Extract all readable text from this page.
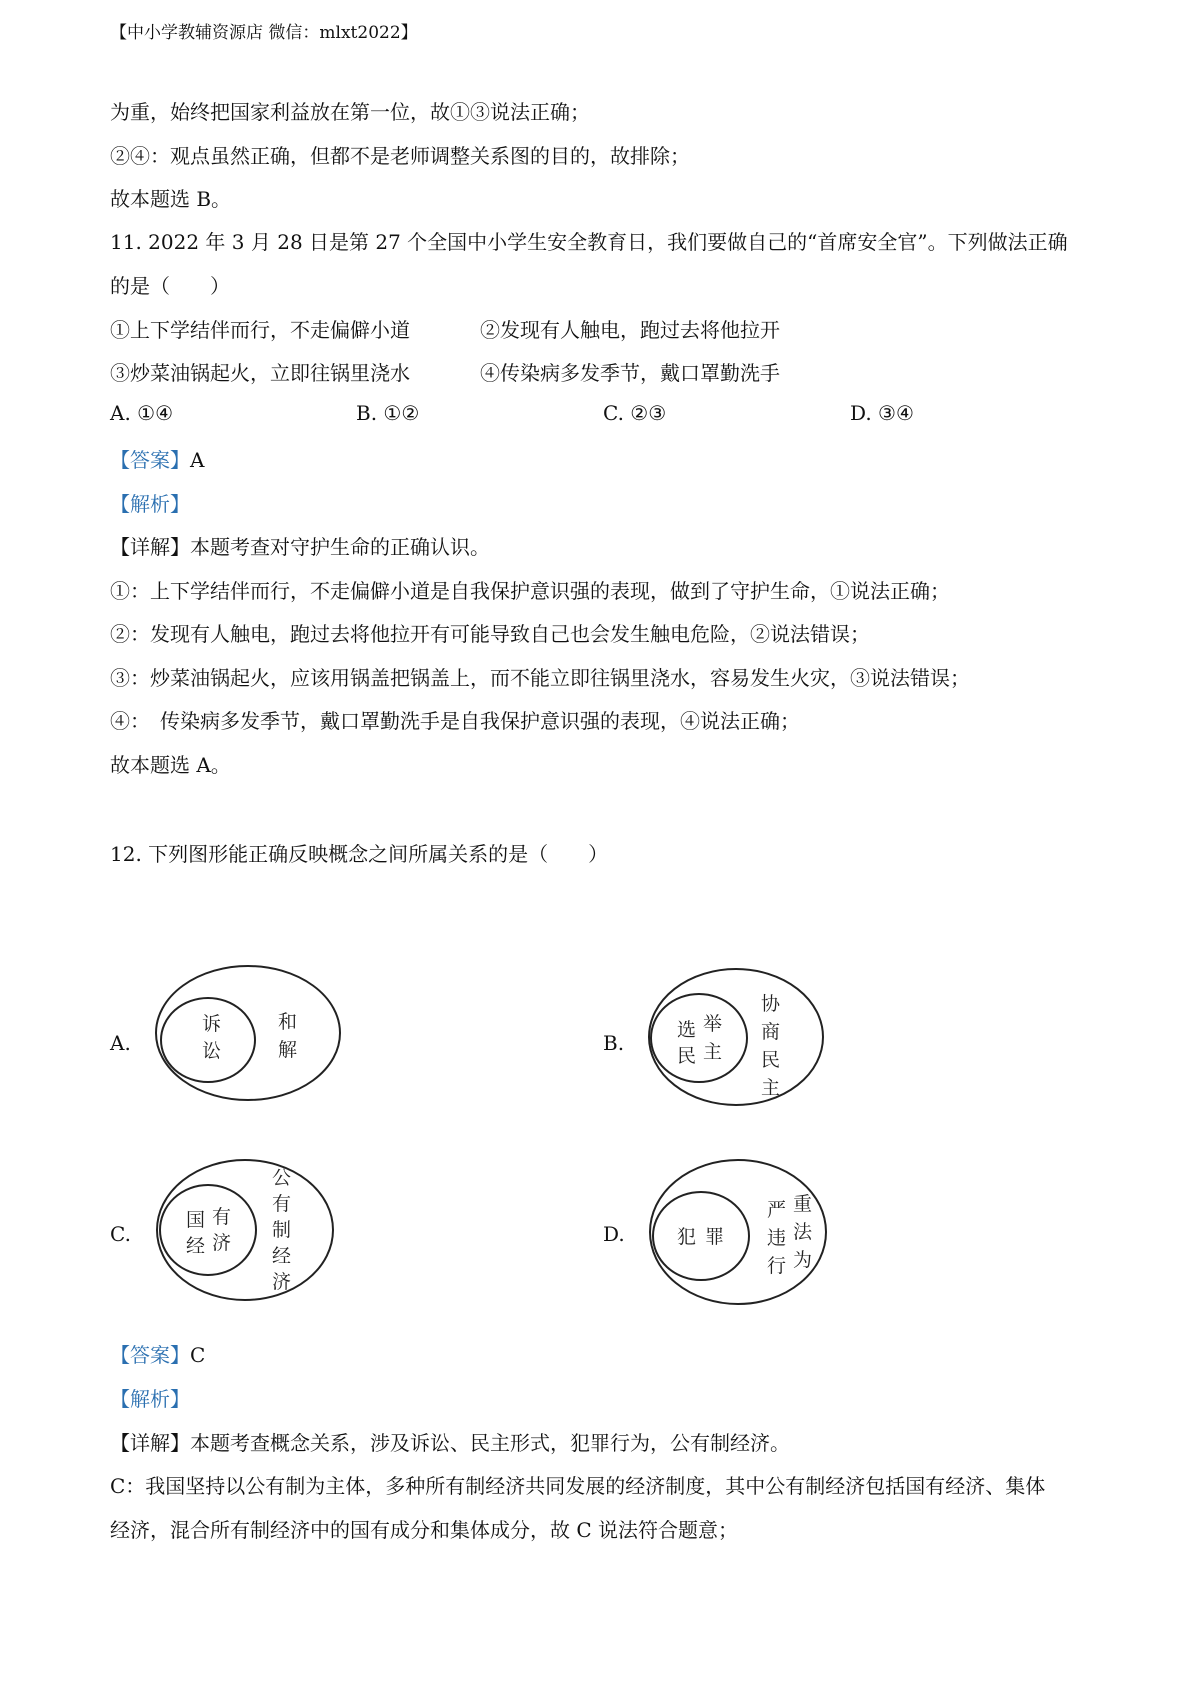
【中小学教辅资源店 微信：mlxt2022】
为重，始终把国家利益放在第一位，故①③说法正确；
②④：观点虽然正确，但都不是老师调整关系图的目的，故排除；
故本题选 B。
11. 2022 年 3 月 28 日是第 27 个全国中小学生安全教育日，我们要做自己的“首席安全官”。下列做法正确
的是（　　）
①上下学结伴而行，不走偏僻小道	②发现有人触电，跑过去将他拉开
③炒菜油锅起火，立即往锅里浇水	④传染病多发季节，戴口罩勤洗手
A. ①④	B. ①②	C. ②③	D. ③④
【答案】A
【解析】
【详解】本题考查对守护生命的正确认识。
①：上下学结伴而行，不走偏僻小道是自我保护意识强的表现，做到了守护生命，①说法正确；
②：发现有人触电，跑过去将他拉开有可能导致自己也会发生触电危险，②说法错误；
③：炒菜油锅起火，应该用锅盖把锅盖上，而不能立即往锅里浇水，容易发生火灾，③说法错误；
④：　传染病多发季节，戴口罩勤洗手是自我保护意识强的表现，④说法正确；
故本题选 A。
12. 下列图形能正确反映概念之间所属关系的是（　　）
A.	B.
C.	D.
诉
讼
和
解
举
选
主
民
协
商
民
主
有
国
济
经
公
有
制
经
济
犯 罪
重
法
为
严
违
行
【答案】C
【解析】
【详解】本题考查概念关系，涉及诉讼、民主形式，犯罪行为，公有制经济。
C：我国坚持以公有制为主体，多种所有制经济共同发展的经济制度，其中公有制经济包括国有经济、集体
经济，混合所有制经济中的国有成分和集体成分，故 C 说法符合题意；
